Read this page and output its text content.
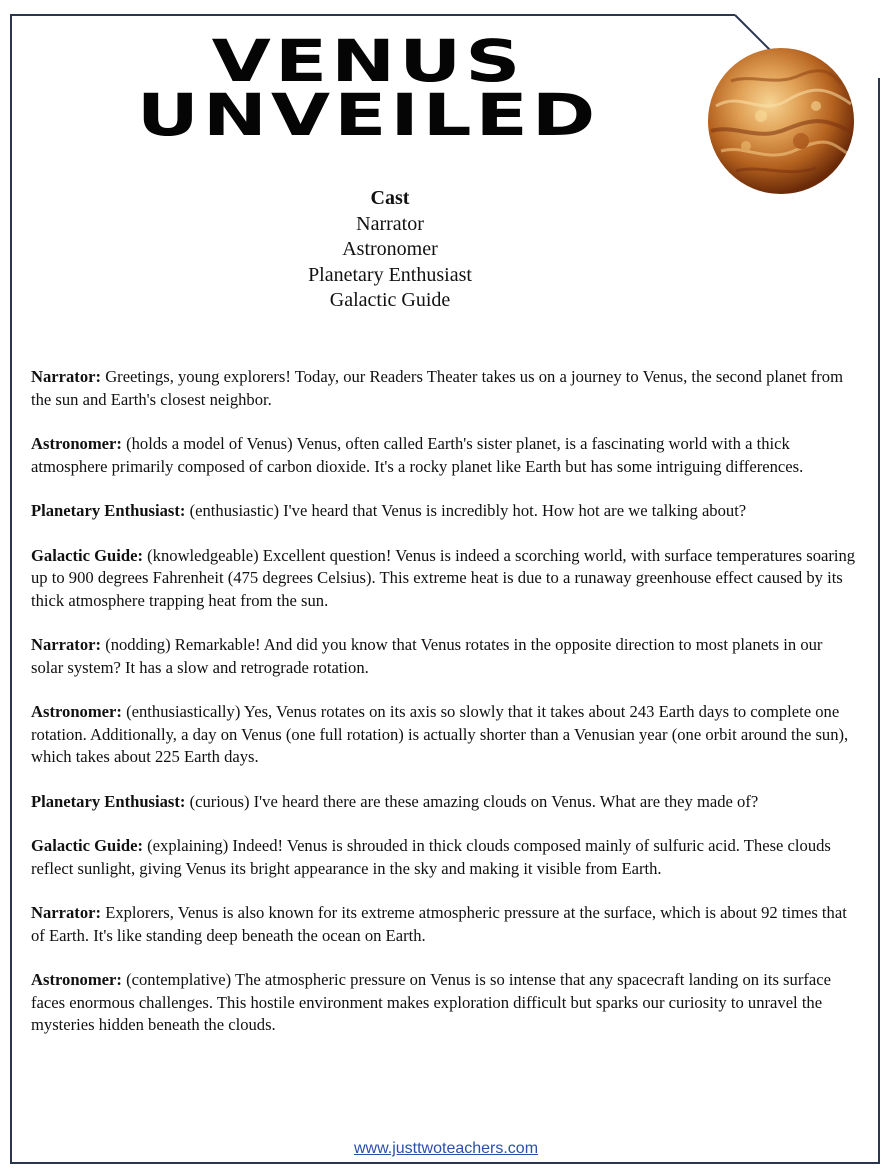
VENUS
UNVEILED
Cast
Narrator
Astronomer
Planetary Enthusiast
Galactic Guide

Narrator: Greetings, young explorers! Today, our Readers Theater takes us on a journey to Venus, the second planet from the sun and Earth's closest neighbor.

Astronomer: (holds a model of Venus) Venus, often called Earth's sister planet, is a fascinating world with a thick atmosphere primarily composed of carbon dioxide. It's a rocky planet like Earth but has some intriguing differences.

Planetary Enthusiast: (enthusiastic) I've heard that Venus is incredibly hot. How hot are we talking about?

Galactic Guide: (knowledgeable) Excellent question! Venus is indeed a scorching world, with surface temperatures soaring up to 900 degrees Fahrenheit (475 degrees Celsius). This extreme heat is due to a runaway greenhouse effect caused by its thick atmosphere trapping heat from the sun.

Narrator: (nodding) Remarkable! And did you know that Venus rotates in the opposite direction to most planets in our solar system? It has a slow and retrograde rotation.

Astronomer: (enthusiastically) Yes, Venus rotates on its axis so slowly that it takes about 243 Earth days to complete one rotation. Additionally, a day on Venus (one full rotation) is actually shorter than a Venusian year (one orbit around the sun), which takes about 225 Earth days.

Planetary Enthusiast: (curious) I've heard there are these amazing clouds on Venus. What are they made of?

Galactic Guide: (explaining) Indeed! Venus is shrouded in thick clouds composed mainly of sulfuric acid. These clouds reflect sunlight, giving Venus its bright appearance in the sky and making it visible from Earth.

Narrator: Explorers, Venus is also known for its extreme atmospheric pressure at the surface, which is about 92 times that of Earth. It's like standing deep beneath the ocean on Earth.

Astronomer: (contemplative) The atmospheric pressure on Venus is so intense that any spacecraft landing on its surface faces enormous challenges. This hostile environment makes exploration difficult but sparks our curiosity to unravel the mysteries hidden beneath the clouds.

www.justtwoteachers.com
